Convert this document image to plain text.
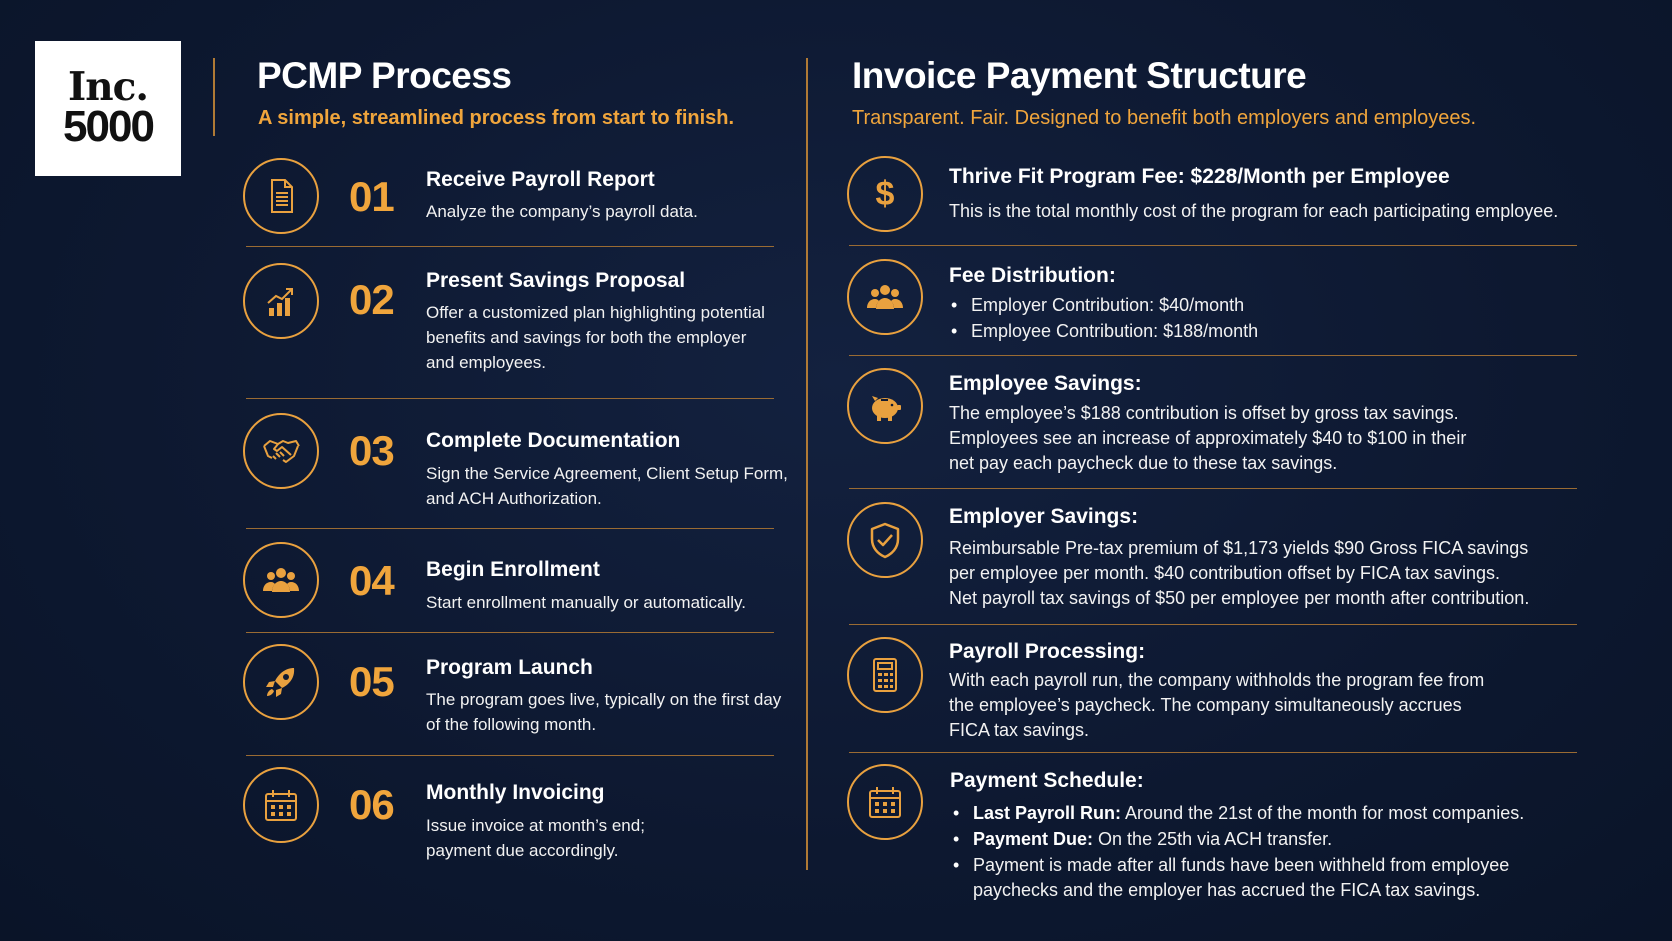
Inc.
5000
PCMP Process
A simple, streamlined process from start to finish.
01 Receive Payroll Report
Analyze the company’s payroll data.
02 Present Savings Proposal
Offer a customized plan highlighting potential
benefits and savings for both the employer
and employees.
03 Complete Documentation
Sign the Service Agreement, Client Setup Form,
and ACH Authorization.
04 Begin Enrollment
Start enrollment manually or automatically.
05 Program Launch
The program goes live, typically on the first day
of the following month.
06 Monthly Invoicing
Issue invoice at month’s end;
payment due accordingly.
Invoice Payment Structure
Transparent. Fair. Designed to benefit both employers and employees.
$	Thrive Fit Program Fee: $228/Month per Employee
This is the total monthly cost of the program for each participating employee.
Fee Distribution:
• Employer Contribution: $40/month
• Employee Contribution: $188/month
Employee Savings:
The employee’s $188 contribution is offset by gross tax savings.
Employees see an increase of approximately $40 to $100 in their
net pay each paycheck due to these tax savings.
Employer Savings:
Reimbursable Pre-tax premium of $1,173 yields $90 Gross FICA savings
per employee per month. $40 contribution offset by FICA tax savings.
Net payroll tax savings of $50 per employee per month after contribution.
Payroll Processing:
With each payroll run, the company withholds the program fee from
the employee’s paycheck. The company simultaneously accrues
FICA tax savings.
Payment Schedule:
• Last Payroll Run: Around the 21st of the month for most companies.
• Payment Due: On the 25th via ACH transfer.
• Payment is made after all funds have been withheld from employee
paychecks and the employer has accrued the FICA tax savings.
